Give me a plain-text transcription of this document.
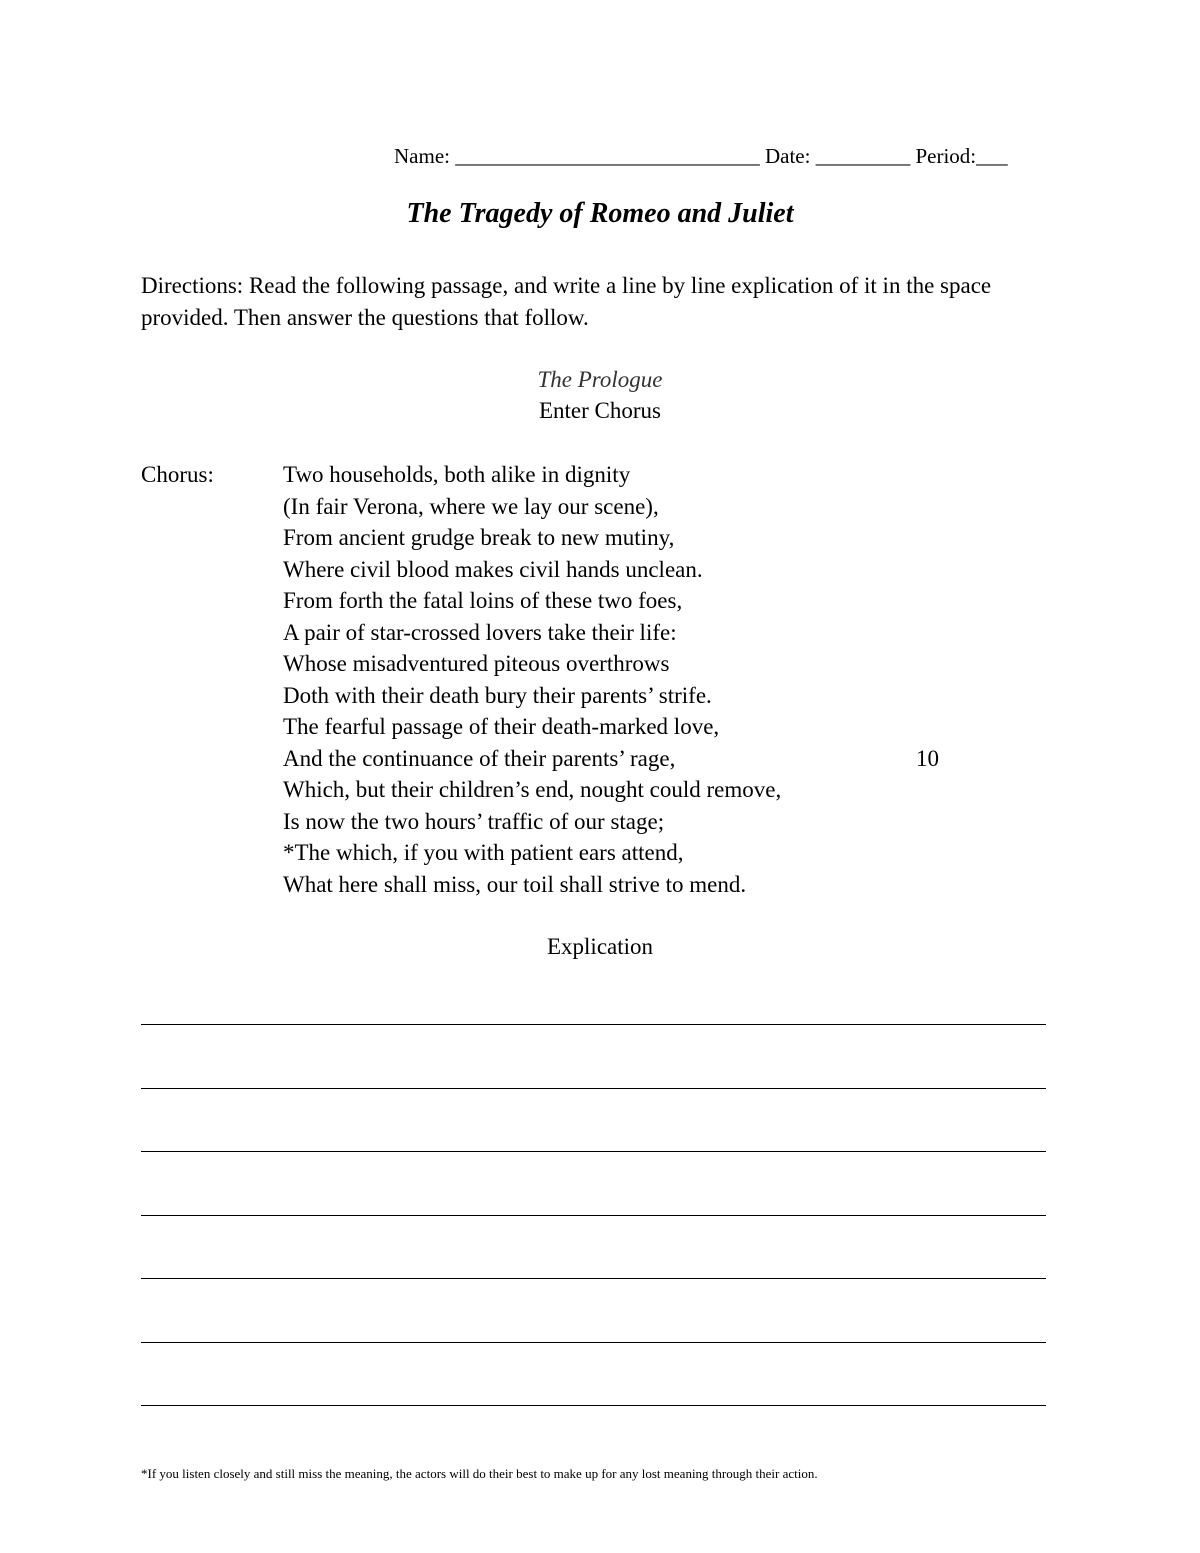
Name: _____________________________ Date: _________ Period:___
The Tragedy of Romeo and Juliet
Directions: Read the following passage, and write a line by line explication of it in the space provided. Then answer the questions that follow.
The Prologue
Enter Chorus
Chorus:	Two households, both alike in dignity
(In fair Verona, where we lay our scene),
From ancient grudge break to new mutiny,
Where civil blood makes civil hands unclean.
From forth the fatal loins of these two foes,
A pair of star-crossed lovers take their life:
Whose misadventured piteous overthrows
Doth with their death bury their parents’ strife.
The fearful passage of their death-marked love,
And the continuance of their parents’ rage,	10
Which, but their children’s end, nought could remove,
Is now the two hours’ traffic of our stage;
*The which, if you with patient ears attend,
What here shall miss, our toil shall strive to mend.
Explication
*If you listen closely and still miss the meaning, the actors will do their best to make up for any lost meaning through their action.
